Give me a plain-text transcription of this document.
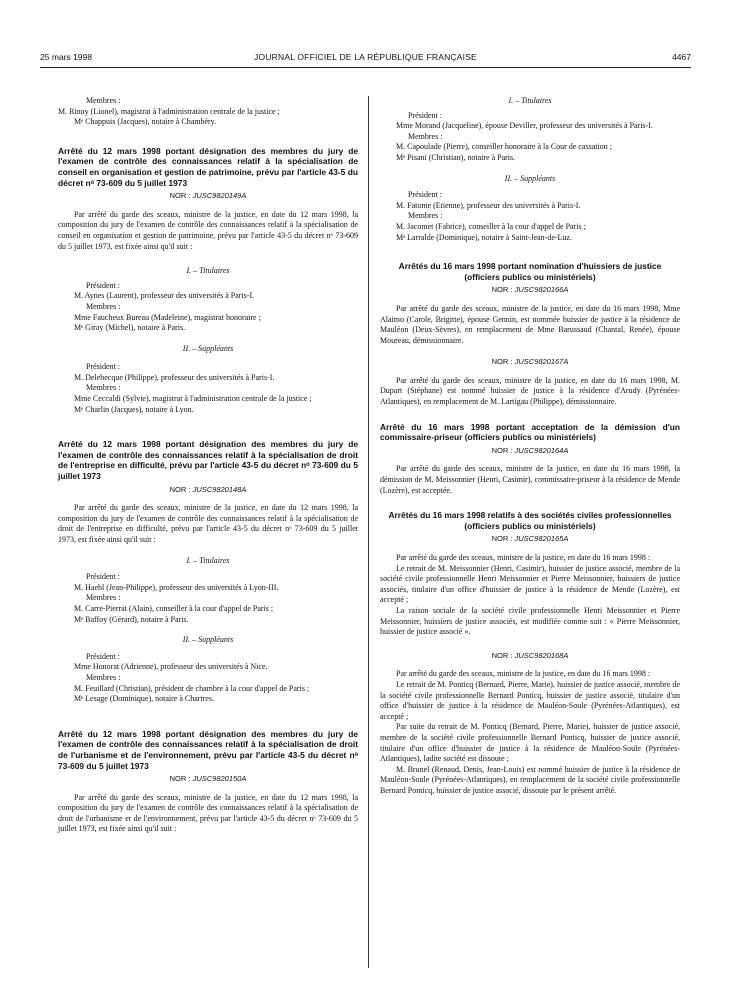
25 mars 1998	JOURNAL OFFICIEL DE LA RÉPUBLIQUE FRANÇAISE	4467

Membres :

M. Rinuy (Lionel), magistrat à l'administration centrale de la justice ;

Mᵉ Chappuis (Jacques), notaire à Chambéry.

Arrêté du 12 mars 1998 portant désignation des membres du jury de l'examen de contrôle des connaissances relatif à la spécialisation de conseil en organisation et gestion de patrimoine, prévu par l'article 43-5 du décret nᵒ 73-609 du 5 juillet 1973

NOR : JUSC9820149A

Par arrêté du garde des sceaux, ministre de la justice, en date du 12 mars 1998, la composition du jury de l'examen de contrôle des connaissances relatif à la spécialisation de conseil en organisation et gestion de patrimoine, prévu par l'article 43-5 du décret nᵒ 73-609 du 5 juillet 1973, est fixée ainsi qu'il suit :

I. – Titulaires

Président :

M. Aynes (Laurent), professeur des universités à Paris-I.

Membres :

Mme Faucheux Bureau (Madeleine), magistrat honoraire ;

Mᵉ Giray (Michel), notaire à Paris.

II. – Suppléants

Président :

M. Delebecque (Philippe), professeur des universités à Paris-I.

Membres :

Mme Ceccaldi (Sylvie), magistrat à l'administration centrale de la justice ;

Mᵉ Charlin (Jacques), notaire à Lyon.

Arrêté du 12 mars 1998 portant désignation des membres du jury de l'examen de contrôle des connaissances relatif à la spécialisation de droit de l'entreprise en difficulté, prévu par l'article 43-5 du décret nᵒ 73-609 du 5 juillet 1973

NOR : JUSC9820148A

Par arrêté du garde des sceaux, ministre de la justice, en date du 12 mars 1998, la composition du jury de l'examen de contrôle des connaissances relatif à la spécialisation de droit de l'entreprise en difficulté, prévu par l'article 43-5 du décret nᵒ 73-609 du 5 juillet 1973, est fixée ainsi qu'il suit :

I. – Titulaires

Président :

M. Haehl (Jean-Philippe), professeur des universités à Lyon-III.

Membres :

M. Carre-Pierrat (Alain), conseiller à la cour d'appel de Paris ;

Mᵉ Baffoy (Gérard), notaire à Paris.

II. – Suppléants

Président :

Mme Honorat (Adrienne), professeur des universités à Nice.

Membres :

M. Feuillard (Christian), président de chambre à la cour d'appel de Paris ;

Mᵉ Lesage (Dominique), notaire à Chartres.

Arrêté du 12 mars 1998 portant désignation des membres du jury de l'examen de contrôle des connaissances relatif à la spécialisation de droit de l'urbanisme et de l'environnement, prévu par l'article 43-5 du décret nᵒ 73-609 du 5 juillet 1973

NOR : JUSC9820150A

Par arrêté du garde des sceaux, ministre de la justice, en date du 12 mars 1998, la composition du jury de l'examen de contrôle des connaissances relatif à la spécialisation de droit de l'urbanisme et de l'environnement, prévu par l'article 43-5 du décret nᵒ 73-609 du 5 juillet 1973, est fixée ainsi qu'il suit :

I. – Titulaires

Président :

Mme Morand (Jacqueline), épouse Deviller, professeur des universités à Paris-I.

Membres :

M. Capoulade (Pierre), conseiller honoraire à la Cour de cassation ;

Mᵉ Pisani (Christian), notaire à Paris.

II. – Suppléants

Président :

M. Fatome (Etienne), professeur des universités à Paris-I.

Membres :

M. Jacomet (Fabrice), conseiller à la cour d'appel de Paris ;

Mᵉ Larralde (Dominique), notaire à Saint-Jean-de-Luz.

Arrêtés du 16 mars 1998 portant nomination d'huissiers de justice (officiers publics ou ministériels)

NOR : JUSC9820166A

Par arrêté du garde des sceaux, ministre de la justice, en date du 16 mars 1998, Mme Alaimo (Carole, Brigitte), épouse Gennin, est nommée huissier de justice à la résidence de Mauléon (Deux-Sèvres), en remplacement de Mme Barussaud (Chantal, Renée), épouse Moureau, démissionnaire.

NOR : JUSC9820167A

Par arrêté du garde des sceaux, ministre de la justice, en date du 16 mars 1998, M. Dupart (Stéphane) est nommé huissier de justice à la résidence d'Arudy (Pyrénées-Atlantiques), en remplacement de M. Lartigau (Philippe), démissionnaire.

Arrêté du 16 mars 1998 portant acceptation de la démission d'un commissaire-priseur (officiers publics ou ministériels)

NOR : JUSC9820164A

Par arrêté du garde des sceaux, ministre de la justice, en date du 16 mars 1998, la démission de M. Meissonnier (Henri, Casimir), commissaire-priseur à la résidence de Mende (Lozère), est acceptée.

Arrêtés du 16 mars 1998 relatifs à des sociétés civiles professionnelles (officiers publics ou ministériels)

NOR : JUSC9820165A

Par arrêté du garde des sceaux, ministre de la justice, en date du 16 mars 1998 :

Le retrait de M. Meissonnier (Henri, Casimir), huissier de justice associé, membre de la société civile professionnelle Henri Meissonnier et Pierre Meissonnier, huissiers de justice associés, titulaire d'un office d'huissier de justice à la résidence de Mende (Lozère), est accepté ;

La raison sociale de la société civile professionnelle Henri Meissonnier et Pierre Meissonnier, huissiers de justice associés, est modifiée comme suit : « Pierre Meissonnier, huissier de justice associé ».

NOR : JUSC9820168A

Par arrêté du garde des sceaux, ministre de la justice, en date du 16 mars 1998 :

Le retrait de M. Ponticq (Bernard, Pierre, Marie), huissier de justice associé, membre de la société civile professionnelle Bernard Ponticq, huissier de justice associé, titulaire d'un office d'huissier de justice à la résidence de Mauléon-Soule (Pyrénées-Atlantiques), est accepté ;

Par suite du retrait de M. Ponticq (Bernard, Pierre, Marie), huissier de justice associé, membre de la société civile professionnelle Bernard Ponticq, huissier de justice associé, titulaire d'un office d'huissier de justice à la résidence de Mauléon-Soule (Pyrénées-Atlantiques), ladite société est dissoute ;

M. Brunel (Renaud, Denis, Jean-Louis) est nommé huissier de justice à la résidence de Mauléon-Soule (Pyrénées-Atlantiques), en remplacement de la société civile professionnelle Bernard Ponticq, huissier de justice associé, dissoute par le présent arrêté.
